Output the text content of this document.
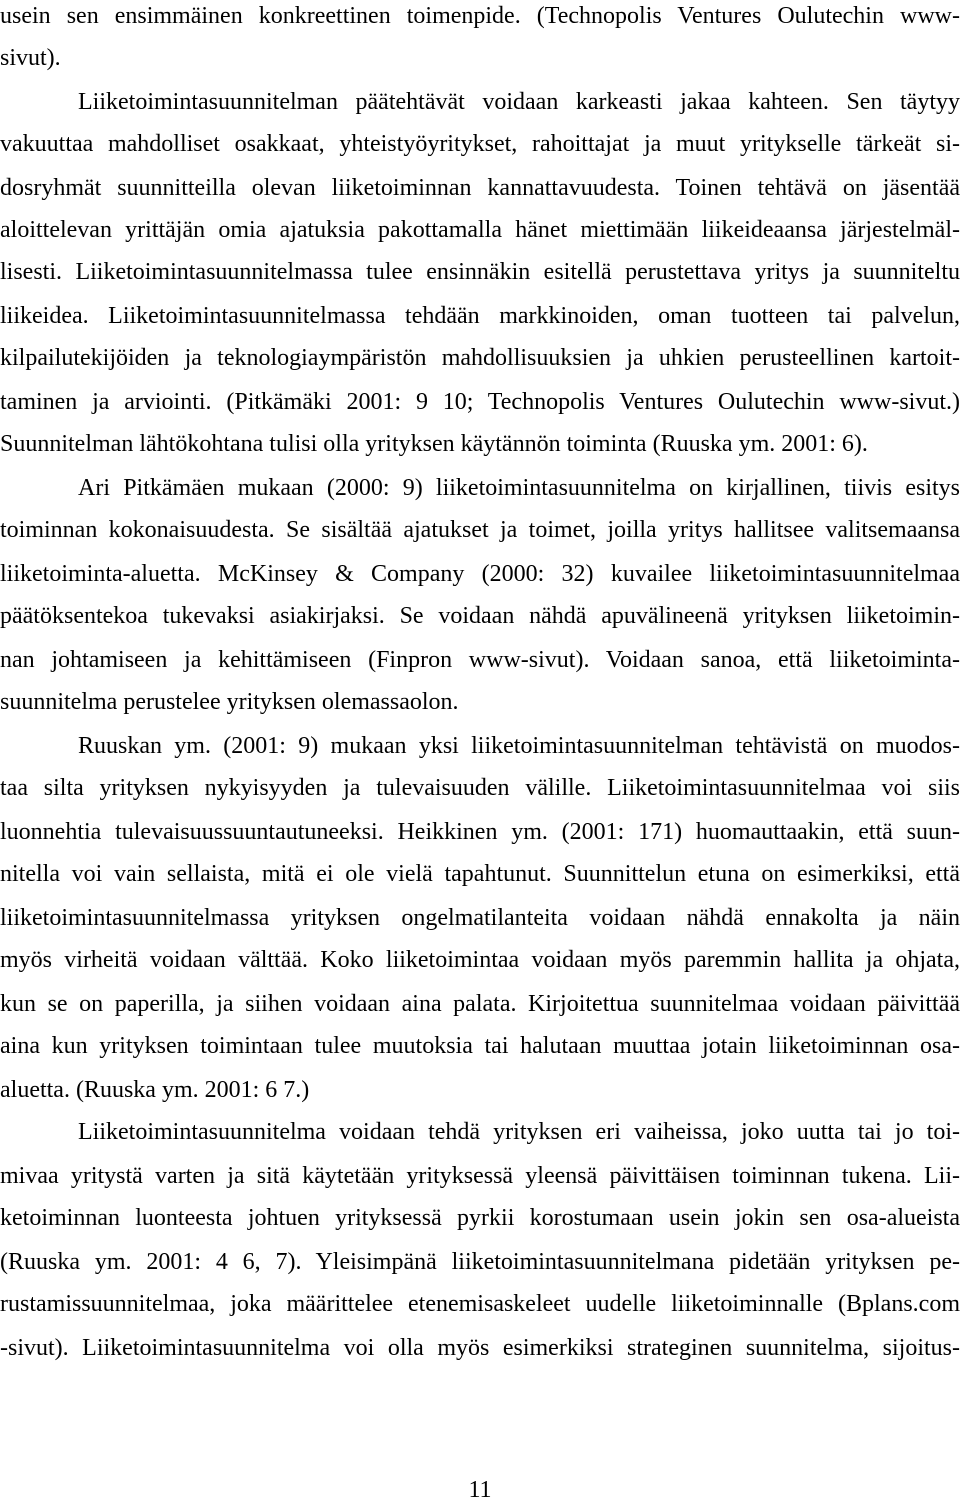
usein sen ensimmäinen konkreettinen toimenpide. (Technopolis Ventures Oulutechin www-
sivut).
Liiketoimintasuunnitelman päätehtävät voidaan karkeasti jakaa kahteen. Sen täytyy
vakuuttaa mahdolliset osakkaat, yhteistyöyritykset, rahoittajat ja muut yritykselle tärkeät si-
dosryhmät suunnitteilla olevan liiketoiminnan kannattavuudesta. Toinen tehtävä on jäsentää
aloittelevan yrittäjän omia ajatuksia pakottamalla hänet miettimään liikeideaansa järjestelmäl-
lisesti. Liiketoimintasuunnitelmassa tulee ensinnäkin esitellä perustettava yritys ja suunniteltu
liikeidea. Liiketoimintasuunnitelmassa tehdään markkinoiden, oman tuotteen tai palvelun,
kilpailutekijöiden ja teknologiaympäristön mahdollisuuksien ja uhkien perusteellinen kartoit-
taminen ja arviointi. (Pitkämäki 2001: 9 10; Technopolis Ventures Oulutechin www-sivut.)
Suunnitelman lähtökohtana tulisi olla yrityksen käytännön toiminta (Ruuska ym. 2001: 6).
Ari Pitkämäen mukaan (2000: 9) liiketoimintasuunnitelma on kirjallinen, tiivis esitys
toiminnan kokonaisuudesta. Se sisältää ajatukset ja toimet, joilla yritys hallitsee valitsemaansa
liiketoiminta-aluetta. McKinsey & Company (2000: 32) kuvailee liiketoimintasuunnitelmaa
päätöksentekoa tukevaksi asiakirjaksi. Se voidaan nähdä apuvälineenä yrityksen liiketoimin-
nan johtamiseen ja kehittämiseen (Finpron www-sivut). Voidaan sanoa, että liiketoiminta-
suunnitelma perustelee yrityksen olemassaolon.
Ruuskan ym. (2001: 9) mukaan yksi liiketoimintasuunnitelman tehtävistä on muodos-
taa silta yrityksen nykyisyyden ja tulevaisuuden välille. Liiketoimintasuunnitelmaa voi siis
luonnehtia tulevaisuussuuntautuneeksi. Heikkinen ym. (2001: 171) huomauttaakin, että suun-
nitella voi vain sellaista, mitä ei ole vielä tapahtunut. Suunnittelun etuna on esimerkiksi, että
liiketoimintasuunnitelmassa yrityksen ongelmatilanteita voidaan nähdä ennakolta ja näin
myös virheitä voidaan välttää. Koko liiketoimintaa voidaan myös paremmin hallita ja ohjata,
kun se on paperilla, ja siihen voidaan aina palata. Kirjoitettua suunnitelmaa voidaan päivittää
aina kun yrityksen toimintaan tulee muutoksia tai halutaan muuttaa jotain liiketoiminnan osa-
aluetta. (Ruuska ym. 2001: 6 7.)
Liiketoimintasuunnitelma voidaan tehdä yrityksen eri vaiheissa, joko uutta tai jo toi-
mivaa yritystä varten ja sitä käytetään yrityksessä yleensä päivittäisen toiminnan tukena. Lii-
ketoiminnan luonteesta johtuen yrityksessä pyrkii korostumaan usein jokin sen osa-alueista
(Ruuska ym. 2001: 4 6, 7). Yleisimpänä liiketoimintasuunnitelmana pidetään yrityksen pe-
rustamissuunnitelmaa, joka määrittelee etenemisaskeleet uudelle liiketoiminnalle (Bplans.com
-sivut). Liiketoimintasuunnitelma voi olla myös esimerkiksi strateginen suunnitelma, sijoitus-
11
